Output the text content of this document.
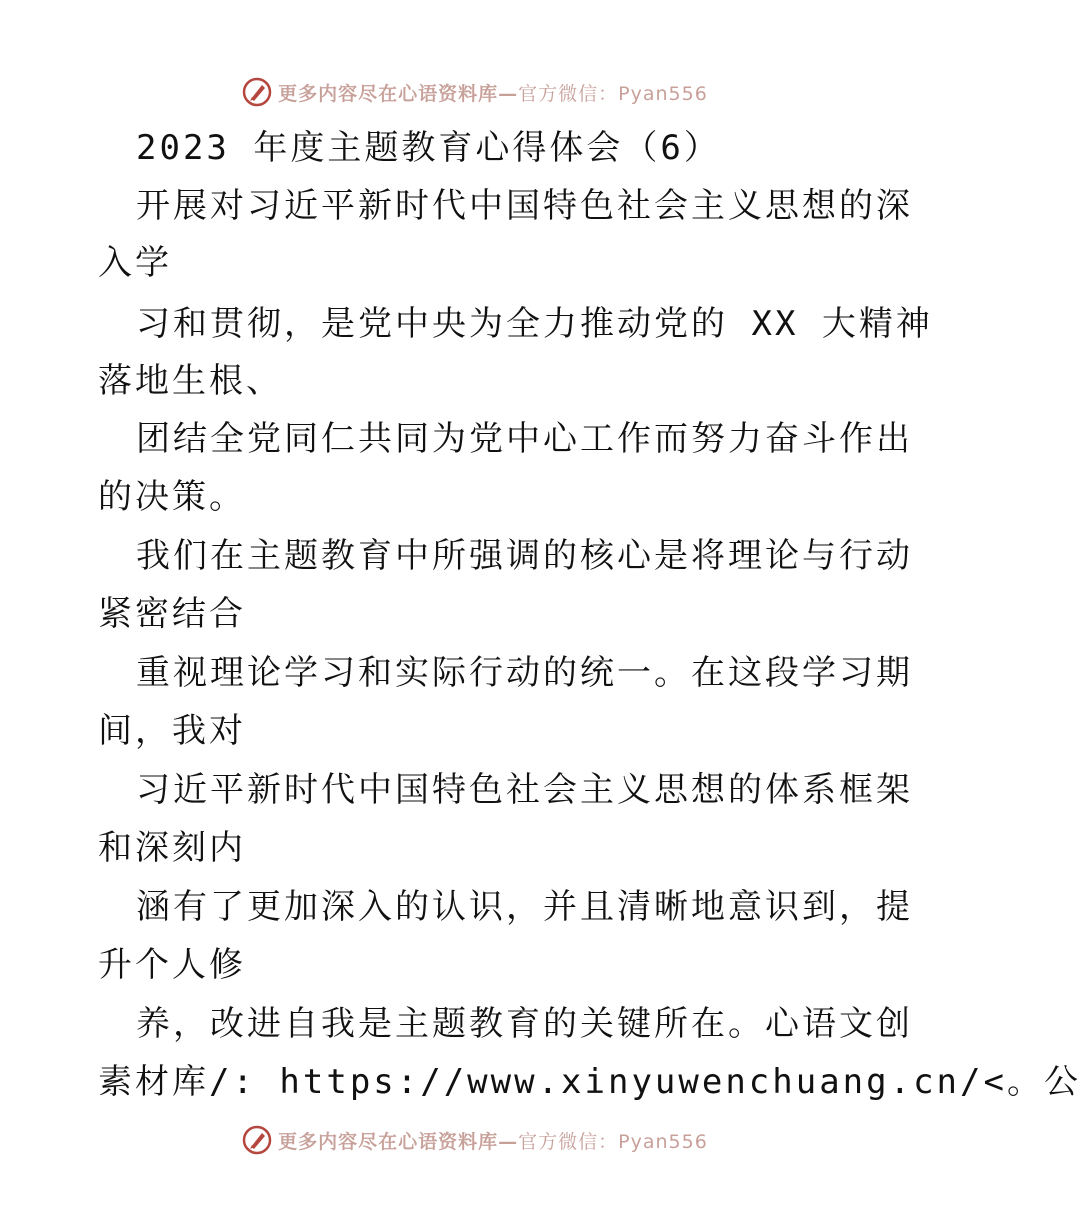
更多内容尽在心语资料库—官方微信：Pyan556
2023 年度主题教育心得体会（6）
开展对习近平新时代中国特色社会主义思想的深
入学
习和贯彻，是党中央为全力推动党的 XX 大精神
落地生根、
团结全党同仁共同为党中心工作而努力奋斗作出
的决策。
我们在主题教育中所强调的核心是将理论与行动
紧密结合
重视理论学习和实际行动的统一。在这段学习期
间，我对
习近平新时代中国特色社会主义思想的体系框架
和深刻内
涵有了更加深入的认识，并且清晰地意识到，提
升个人修
养，改进自我是主题教育的关键所在。心语文创
素材库/: https://www.xinyuwenchuang.cn/<。公
更多内容尽在心语资料库—官方微信：Pyan556
